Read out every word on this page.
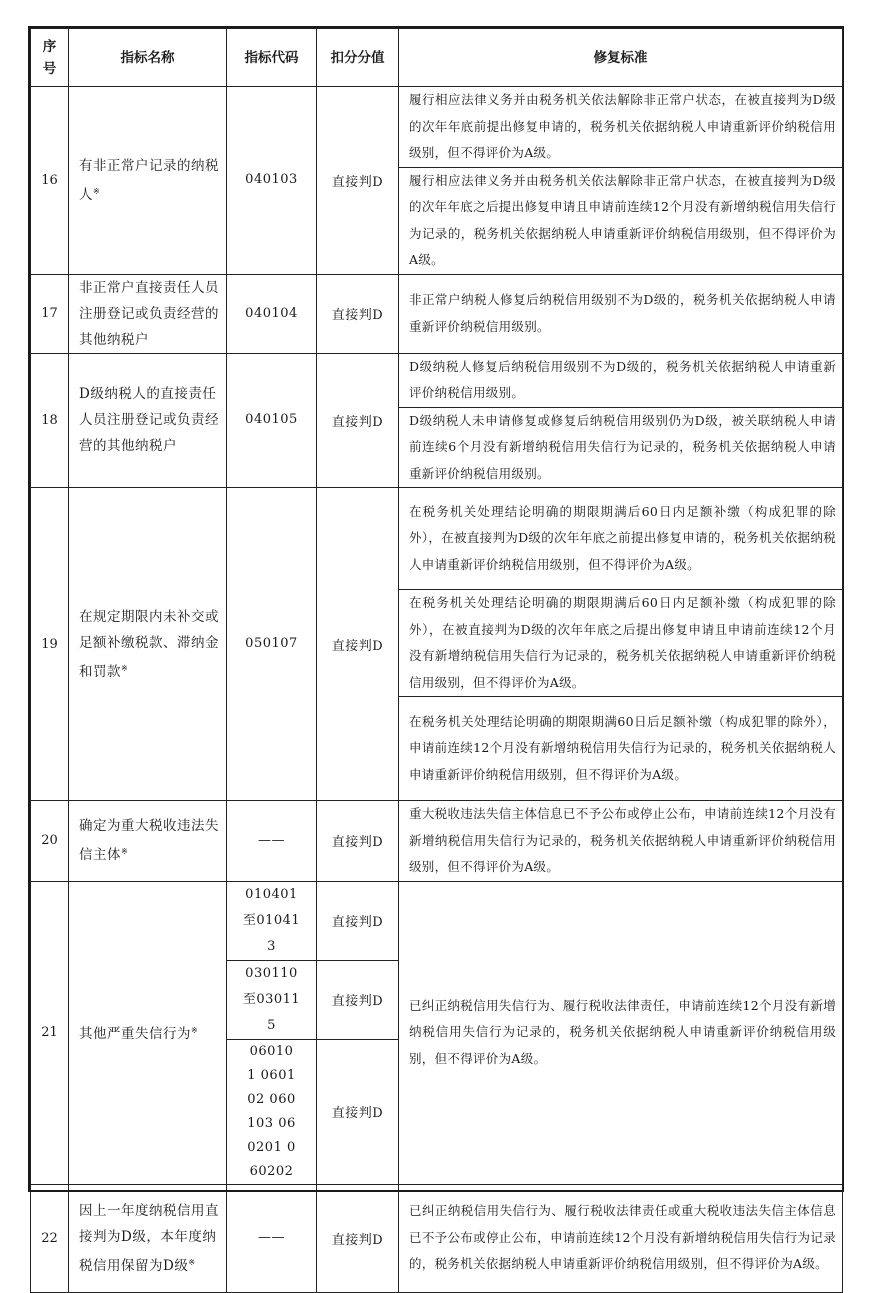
序号	指标名称	指标代码	扣分分值	修复标准
16	有非正常户记录的纳税人※	040103	直接判D	履行相应法律义务并由税务机关依法解除非正常户状态，在被直接判为D级的次年年底前提出修复申请的，税务机关依据纳税人申请重新评价纳税信用级别，但不得评价为A级。
				履行相应法律义务并由税务机关依法解除非正常户状态，在被直接判为D级的次年年底之后提出修复申请且申请前连续12个月没有新增纳税信用失信行为记录的，税务机关依据纳税人申请重新评价纳税信用级别，但不得评价为A级。
17	非正常户直接责任人员注册登记或负责经营的其他纳税户	040104	直接判D	非正常户纳税人修复后纳税信用级别不为D级的，税务机关依据纳税人申请重新评价纳税信用级别。
18	D级纳税人的直接责任人员注册登记或负责经营的其他纳税户	040105	直接判D	D级纳税人修复后纳税信用级别不为D级的，税务机关依据纳税人申请重新评价纳税信用级别。
				D级纳税人未申请修复或修复后纳税信用级别仍为D级，被关联纳税人申请前连续6个月没有新增纳税信用失信行为记录的，税务机关依据纳税人申请重新评价纳税信用级别。
19	在规定期限内未补交或足额补缴税款、滞纳金和罚款※	050107	直接判D	在税务机关处理结论明确的期限期满后60日内足额补缴（构成犯罪的除外），在被直接判为D级的次年年底之前提出修复申请的，税务机关依据纳税人申请重新评价纳税信用级别，但不得评价为A级。
				在税务机关处理结论明确的期限期满后60日内足额补缴（构成犯罪的除外），在被直接判为D级的次年年底之后提出修复申请且申请前连续12个月没有新增纳税信用失信行为记录的，税务机关依据纳税人申请重新评价纳税信用级别，但不得评价为A级。
				在税务机关处理结论明确的期限期满60日后足额补缴（构成犯罪的除外），申请前连续12个月没有新增纳税信用失信行为记录的，税务机关依据纳税人申请重新评价纳税信用级别，但不得评价为A级。
20	确定为重大税收违法失信主体※	——	直接判D	重大税收违法失信主体信息已不予公布或停止公布，申请前连续12个月没有新增纳税信用失信行为记录的，税务机关依据纳税人申请重新评价纳税信用级别，但不得评价为A级。
21	其他严重失信行为※	010401至010413	直接判D	已纠正纳税信用失信行为、履行税收法律责任，申请前连续12个月没有新增纳税信用失信行为记录的，税务机关依据纳税人申请重新评价纳税信用级别，但不得评价为A级。

		030110至030115	直接判D	

		060101 060102 060103 060201 060202	直接判D	
22	因上一年度纳税信用直接判为D级，本年度纳税信用保留为D级※	——	直接判D	已纠正纳税信用失信行为、履行税收法律责任或重大税收违法失信主体信息已不予公布或停止公布，申请前连续12个月没有新增纳税信用失信行为记录的，税务机关依据纳税人申请重新评价纳税信用级别，但不得评价为A级。
